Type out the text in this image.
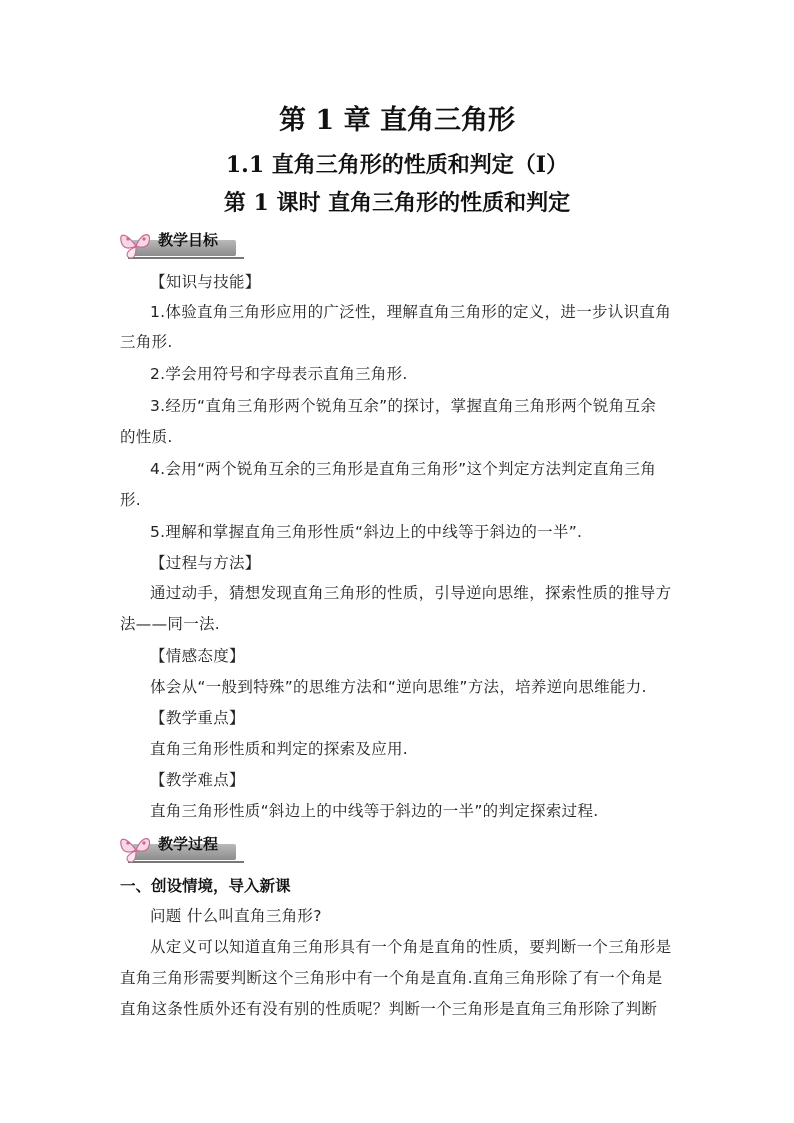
第 1 章 直角三角形
1.1 直角三角形的性质和判定（Ⅰ）
第 1 课时 直角三角形的性质和判定
教学目标

【知识与技能】

1.体验直角三角形应用的广泛性，理解直角三角形的定义，进一步认识直角

三角形.

2.学会用符号和字母表示直角三角形.

3.经历“直角三角形两个锐角互余”的探讨，掌握直角三角形两个锐角互余

的性质.

4.会用“两个锐角互余的三角形是直角三角形”这个判定方法判定直角三角

形.

5.理解和掌握直角三角形性质“斜边上的中线等于斜边的一半”.

【过程与方法】

通过动手，猜想发现直角三角形的性质，引导逆向思维，探索性质的推导方

法——同一法.

【情感态度】

体会从“一般到特殊”的思维方法和“逆向思维”方法，培养逆向思维能力.

【教学重点】

直角三角形性质和判定的探索及应用.

【教学难点】

直角三角形性质“斜边上的中线等于斜边的一半”的判定探索过程.

教学过程

一、创设情境，导入新课

问题 什么叫直角三角形?

从定义可以知道直角三角形具有一个角是直角的性质，要判断一个三角形是

直角三角形需要判断这个三角形中有一个角是直角.直角三角形除了有一个角是

直角这条性质外还有没有别的性质呢？判断一个三角形是直角三角形除了判断
